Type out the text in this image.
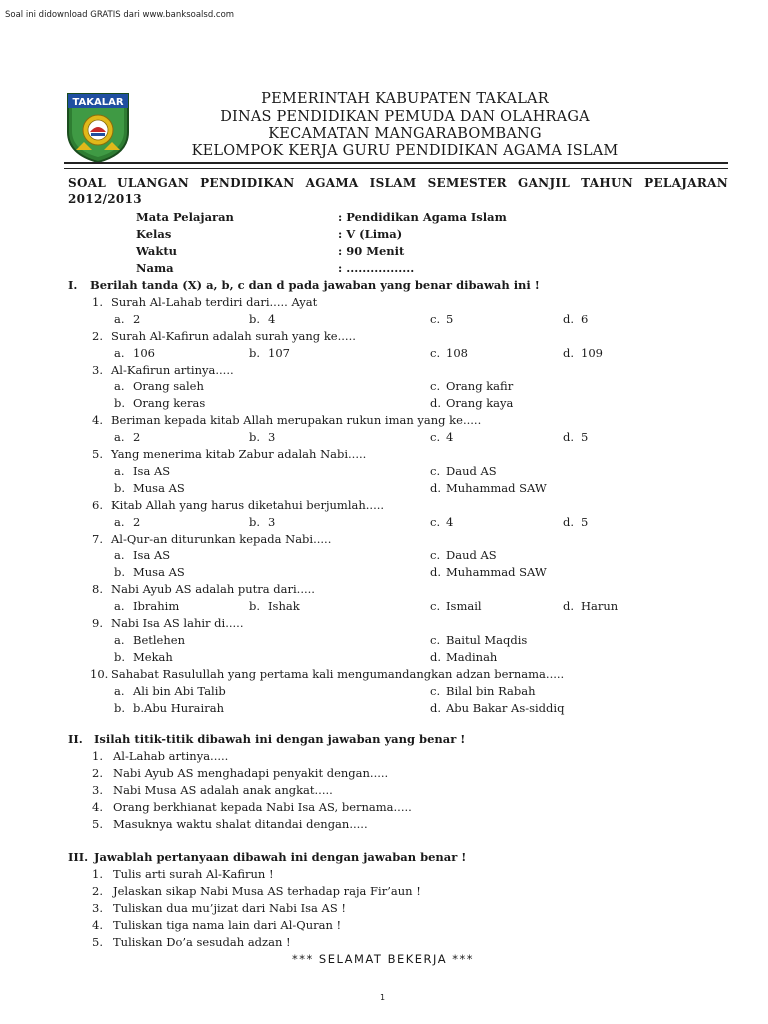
Soal ini didownload GRATIS dari www.banksoalsd.com
TAKALAR	PEMERINTAH KABUPATEN TAKALAR
DINAS PENDIDIKAN PEMUDA DAN OLAHRAGA
KECAMATAN MANGARABOMBANG
KELOMPOK KERJA GURU PENDIDIKAN AGAMA ISLAM
SOAL ULANGAN PENDIDIKAN AGAMA ISLAM SEMESTER GANJIL TAHUN PELAJARAN
2012/2013
Mata Pelajaran	: Pendidikan Agama Islam
Kelas	: V (Lima)
Waktu	: 90 Menit
Nama	: .................
I. Berilah tanda (X) a, b, c dan d pada jawaban yang benar dibawah ini !
1. Surah Al-Lahab terdiri dari..... Ayat
a. 2	b. 4	c. 5	d. 6
2. Surah Al-Kafirun adalah surah yang ke.....
a. 106	b. 107	c. 108	d. 109
3. Al-Kafirun artinya.....
a. Orang saleh	c. Orang kafir
b. Orang keras	d. Orang kaya
4. Beriman kepada kitab Allah merupakan rukun iman yang ke.....
a. 2	b. 3	c. 4	d. 5
5. Yang menerima kitab Zabur adalah Nabi.....
a. Isa AS	c. Daud AS
b. Musa AS	d. Muhammad SAW
6. Kitab Allah yang harus diketahui berjumlah.....
a. 2	b. 3	c. 4	d. 5
7. Al-Qur-an diturunkan kepada Nabi.....
a. Isa AS	c. Daud AS
b. Musa AS	d. Muhammad SAW
8. Nabi Ayub AS adalah putra dari.....
a. Ibrahim	b. Ishak	c. Ismail	d. Harun
9. Nabi Isa AS lahir di.....
a. Betlehen	c. Baitul Maqdis
b. Mekah	d. Madinah
10. Sahabat Rasulullah yang pertama kali mengumandangkan adzan bernama.....
a. Ali bin Abi Talib	c. Bilal bin Rabah
b. b.Abu Hurairah	d. Abu Bakar As-siddiq
II. Isilah titik-titik dibawah ini dengan jawaban yang benar !
1. Al-Lahab artinya.....
2. Nabi Ayub AS menghadapi penyakit dengan.....
3. Nabi Musa AS adalah anak angkat.....
4. Orang berkhianat kepada Nabi Isa AS, bernama.....
5. Masuknya waktu shalat ditandai dengan.....
III. Jawablah pertanyaan dibawah ini dengan jawaban benar !
1. Tulis arti surah Al-Kafirun !
2. Jelaskan sikap Nabi Musa AS terhadap raja Fir’aun !
3. Tuliskan dua mu’jizat dari Nabi Isa AS !
4. Tuliskan tiga nama lain dari Al-Quran !
5. Tuliskan Do’a sesudah adzan !
*** SELAMAT BEKERJA ***
1
